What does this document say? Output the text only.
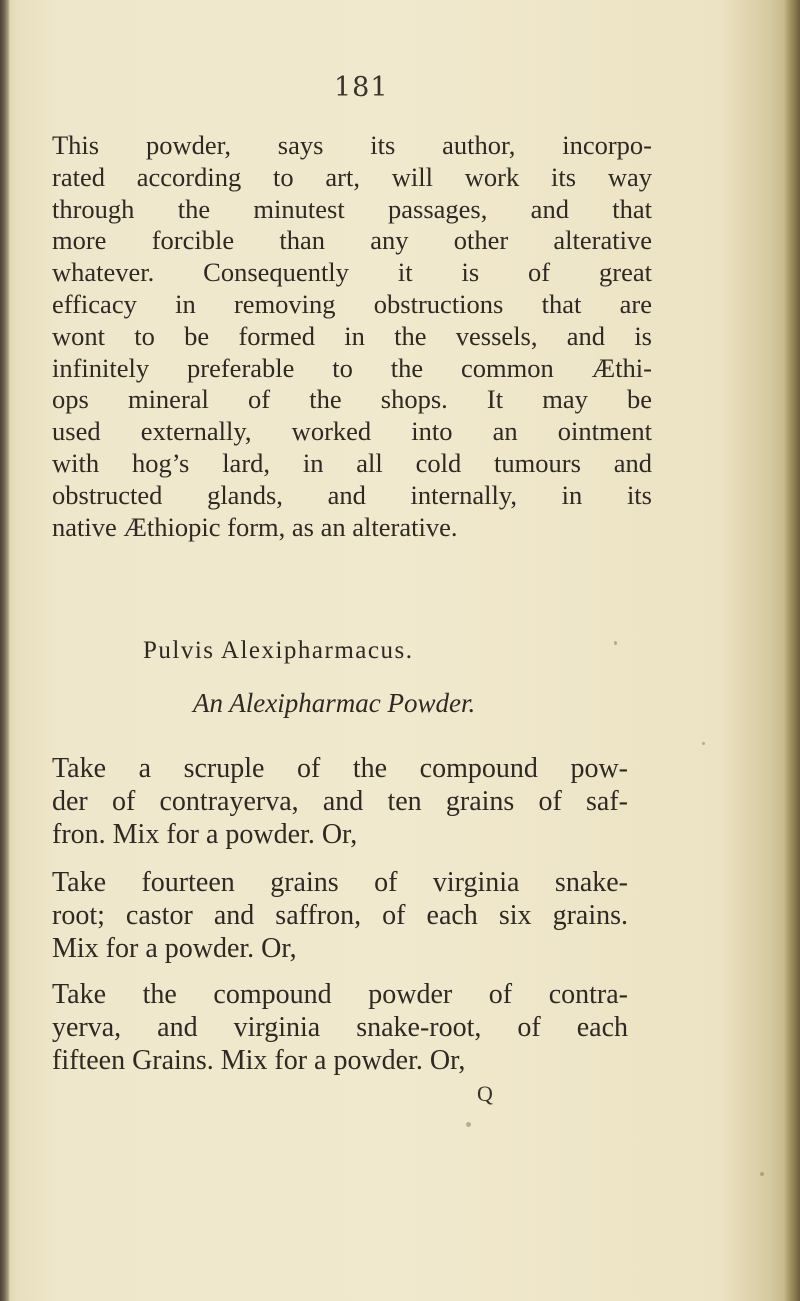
181
This powder, says its author, incorpo-
rated according to art, will work its way
through the minutest passages, and that
more forcible than any other alterative
whatever. Consequently it is of great
efficacy in removing obstructions that are
wont to be formed in the vessels, and is
infinitely preferable to the common Æthi-
ops mineral of the shops. It may be
used externally, worked into an ointment
with hog’s lard, in all cold tumours and
obstructed glands, and internally, in its
native Æthiopic form, as an alterative.
Pulvis Alexipharmacus.
An Alexipharmac Powder.
Take a scruple of the compound pow-
der of contrayerva, and ten grains of saf-
fron. Mix for a powder. Or,
Take fourteen grains of virginia snake-
root; castor and saffron, of each six grains.
Mix for a powder. Or,
Take the compound powder of contra-
yerva, and virginia snake-root, of each
fifteen Grains. Mix for a powder. Or,
Q
